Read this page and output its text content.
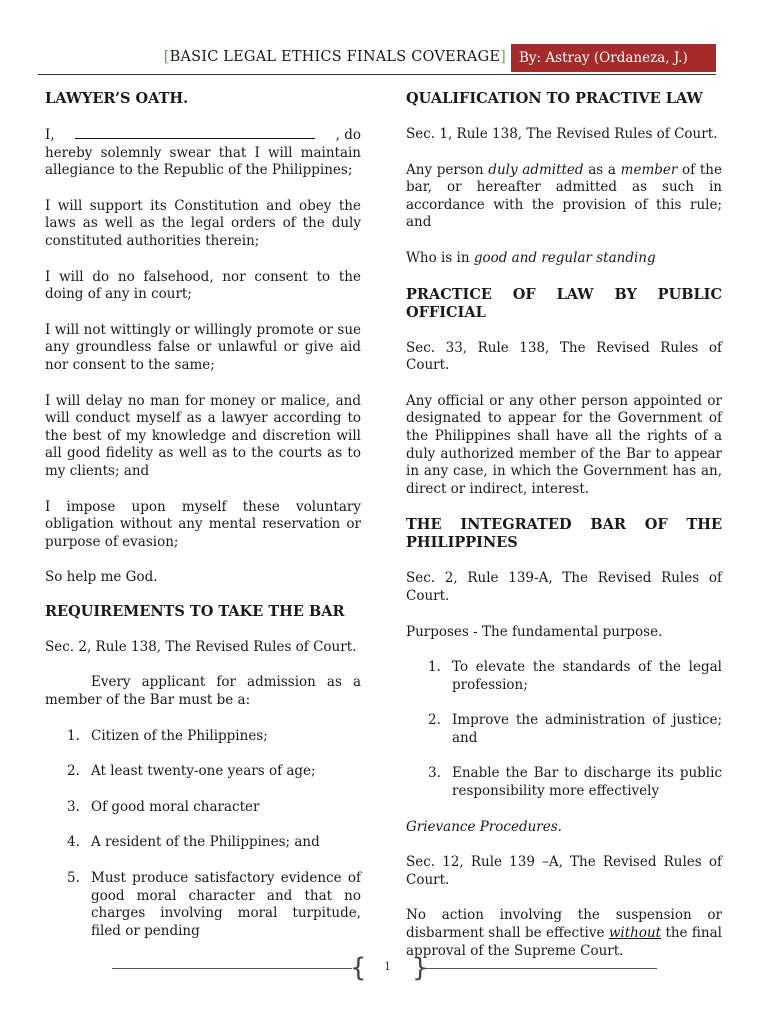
[BASIC LEGAL ETHICS FINALS COVERAGE] By: Astray (Ordaneza, J.)

LAWYER’S OATH.

I,	, do
hereby solemnly swear that I will maintain allegiance to the Republic of the Philippines;

I will support its Constitution and obey the laws as well as the legal orders of the duly constituted authorities therein;

I will do no falsehood, nor consent to the doing of any in court;

I will not wittingly or willingly promote or sue any groundless false or unlawful or give aid nor consent to the same;

I will delay no man for money or malice, and will conduct myself as a lawyer according to the best of my knowledge and discretion will all good fidelity as well as to the courts as to my clients; and

I impose upon myself these voluntary obligation without any mental reservation or purpose of evasion;

So help me God.

REQUIREMENTS TO TAKE THE BAR

Sec. 2, Rule 138, The Revised Rules of Court.

Every applicant for admission as a member of the Bar must be a:

1. Citizen of the Philippines;
2. At least twenty-one years of age;
3. Of good moral character
4. A resident of the Philippines; and
5. Must produce satisfactory evidence of good moral character and that no charges involving moral turpitude, filed or pending

QUALIFICATION TO PRACTIVE LAW

Sec. 1, Rule 138, The Revised Rules of Court.

Any person duly admitted as a member of the bar, or hereafter admitted as such in accordance with the provision of this rule; and

Who is in good and regular standing

PRACTICE OF LAW BY PUBLIC OFFICIAL

Sec. 33, Rule 138, The Revised Rules of Court.

Any official or any other person appointed or designated to appear for the Government of the Philippines shall have all the rights of a duly authorized member of the Bar to appear in any case, in which the Government has an, direct or indirect, interest.

THE INTEGRATED BAR OF THE PHILIPPINES

Sec. 2, Rule 139-A, The Revised Rules of Court.

Purposes - The fundamental purpose.

1. To elevate the standards of the legal profession;
2. Improve the administration of justice; and
3. Enable the Bar to discharge its public responsibility more effectively

Grievance Procedures.

Sec. 12, Rule 139 –A, The Revised Rules of Court.

No action involving the suspension or disbarment shall be effective without the final approval of the Supreme Court.

{ 1 }
